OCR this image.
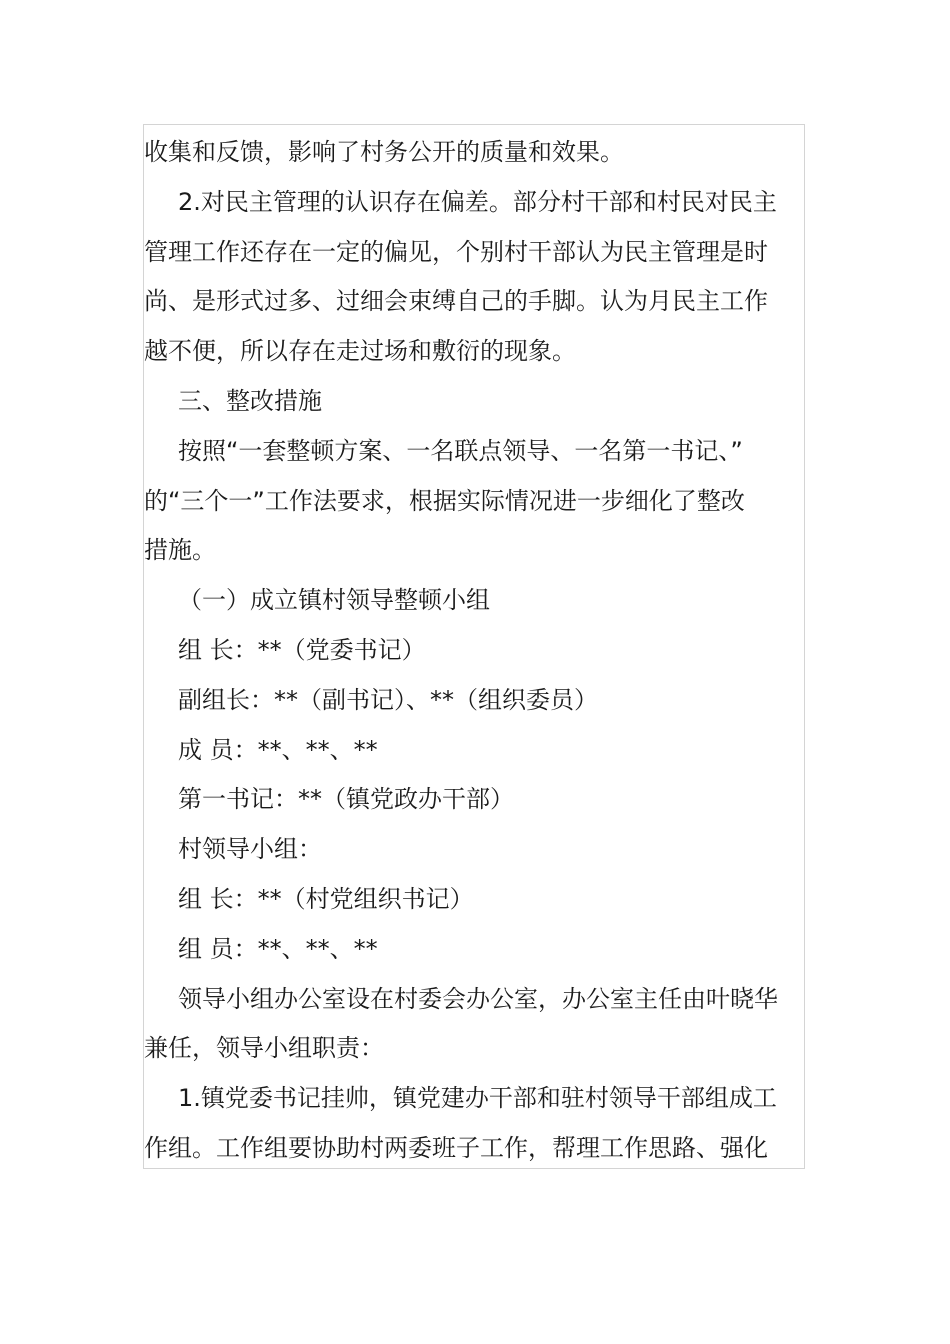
收集和反馈，影响了村务公开的质量和效果。
2.对民主管理的认识存在偏差。部分村干部和村民对民主
管理工作还存在一定的偏见，个别村干部认为民主管理是时
尚、是形式过多、过细会束缚自己的手脚。认为月民主工作
越不便，所以存在走过场和敷衍的现象。
三、整改措施
按照“一套整顿方案、一名联点领导、一名第一书记、”
的“三个一”工作法要求，根据实际情况进一步细化了整改
措施。
（一）成立镇村领导整顿小组
组 长：**（党委书记）
副组长：**（副书记）、**（组织委员）
成 员：**、**、**
第一书记：**（镇党政办干部）
村领导小组：
组 长：**（村党组织书记）
组 员：**、**、**
领导小组办公室设在村委会办公室，办公室主任由叶晓华
兼任，领导小组职责：
1.镇党委书记挂帅，镇党建办干部和驻村领导干部组成工
作组。工作组要协助村两委班子工作，帮理工作思路、强化
